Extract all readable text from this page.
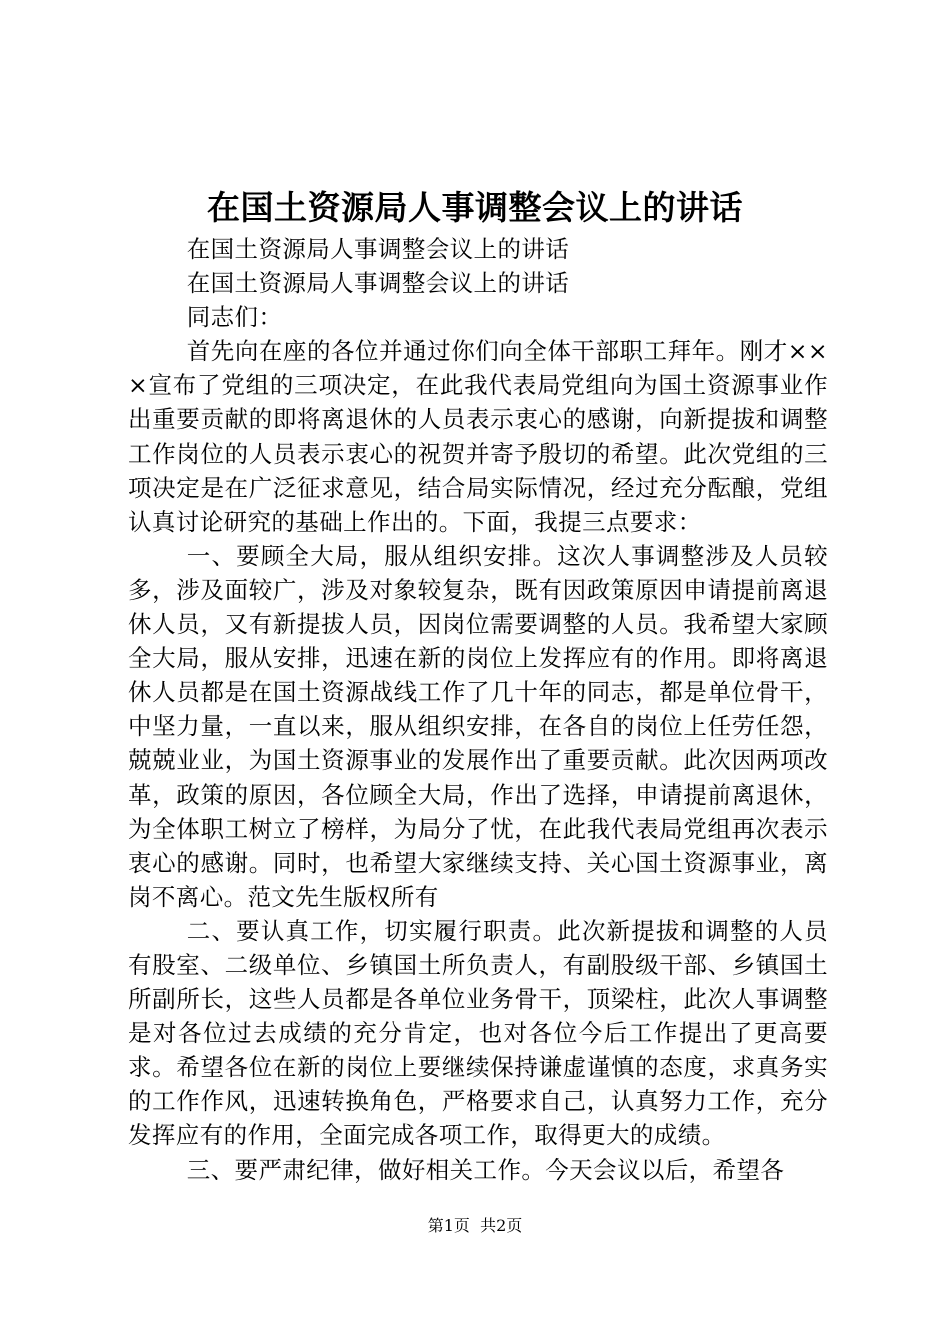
在国土资源局人事调整会议上的讲话

在国土资源局人事调整会议上的讲话

在国土资源局人事调整会议上的讲话

同志们：

首先向在座的各位并通过你们向全体干部职工拜年。刚才×××宣布了党组的三项决定，在此我代表局党组向为国土资源事业作出重要贡献的即将离退休的人员表示衷心的感谢，向新提拔和调整工作岗位的人员表示衷心的祝贺并寄予殷切的希望。此次党组的三项决定是在广泛征求意见，结合局实际情况，经过充分酝酿，党组认真讨论研究的基础上作出的。下面，我提三点要求：

一、要顾全大局，服从组织安排。这次人事调整涉及人员较多，涉及面较广，涉及对象较复杂，既有因政策原因申请提前离退休人员，又有新提拔人员，因岗位需要调整的人员。我希望大家顾全大局，服从安排，迅速在新的岗位上发挥应有的作用。即将离退休人员都是在国土资源战线工作了几十年的同志，都是单位骨干，中坚力量，一直以来，服从组织安排，在各自的岗位上任劳任怨，兢兢业业，为国土资源事业的发展作出了重要贡献。此次因两项改革，政策的原因，各位顾全大局，作出了选择，申请提前离退休，为全体职工树立了榜样，为局分了忧，在此我代表局党组再次表示衷心的感谢。同时，也希望大家继续支持、关心国土资源事业，离岗不离心。范文先生版权所有

二、要认真工作，切实履行职责。此次新提拔和调整的人员有股室、二级单位、乡镇国土所负责人，有副股级干部、乡镇国土所副所长，这些人员都是各单位业务骨干，顶梁柱，此次人事调整是对各位过去成绩的充分肯定，也对各位今后工作提出了更高要求。希望各位在新的岗位上要继续保持谦虚谨慎的态度，求真务实的工作作风，迅速转换角色，严格要求自己，认真努力工作，充分发挥应有的作用，全面完成各项工作，取得更大的成绩。

三、要严肃纪律，做好相关工作。今天会议以后，希望各

第1页  共2页
